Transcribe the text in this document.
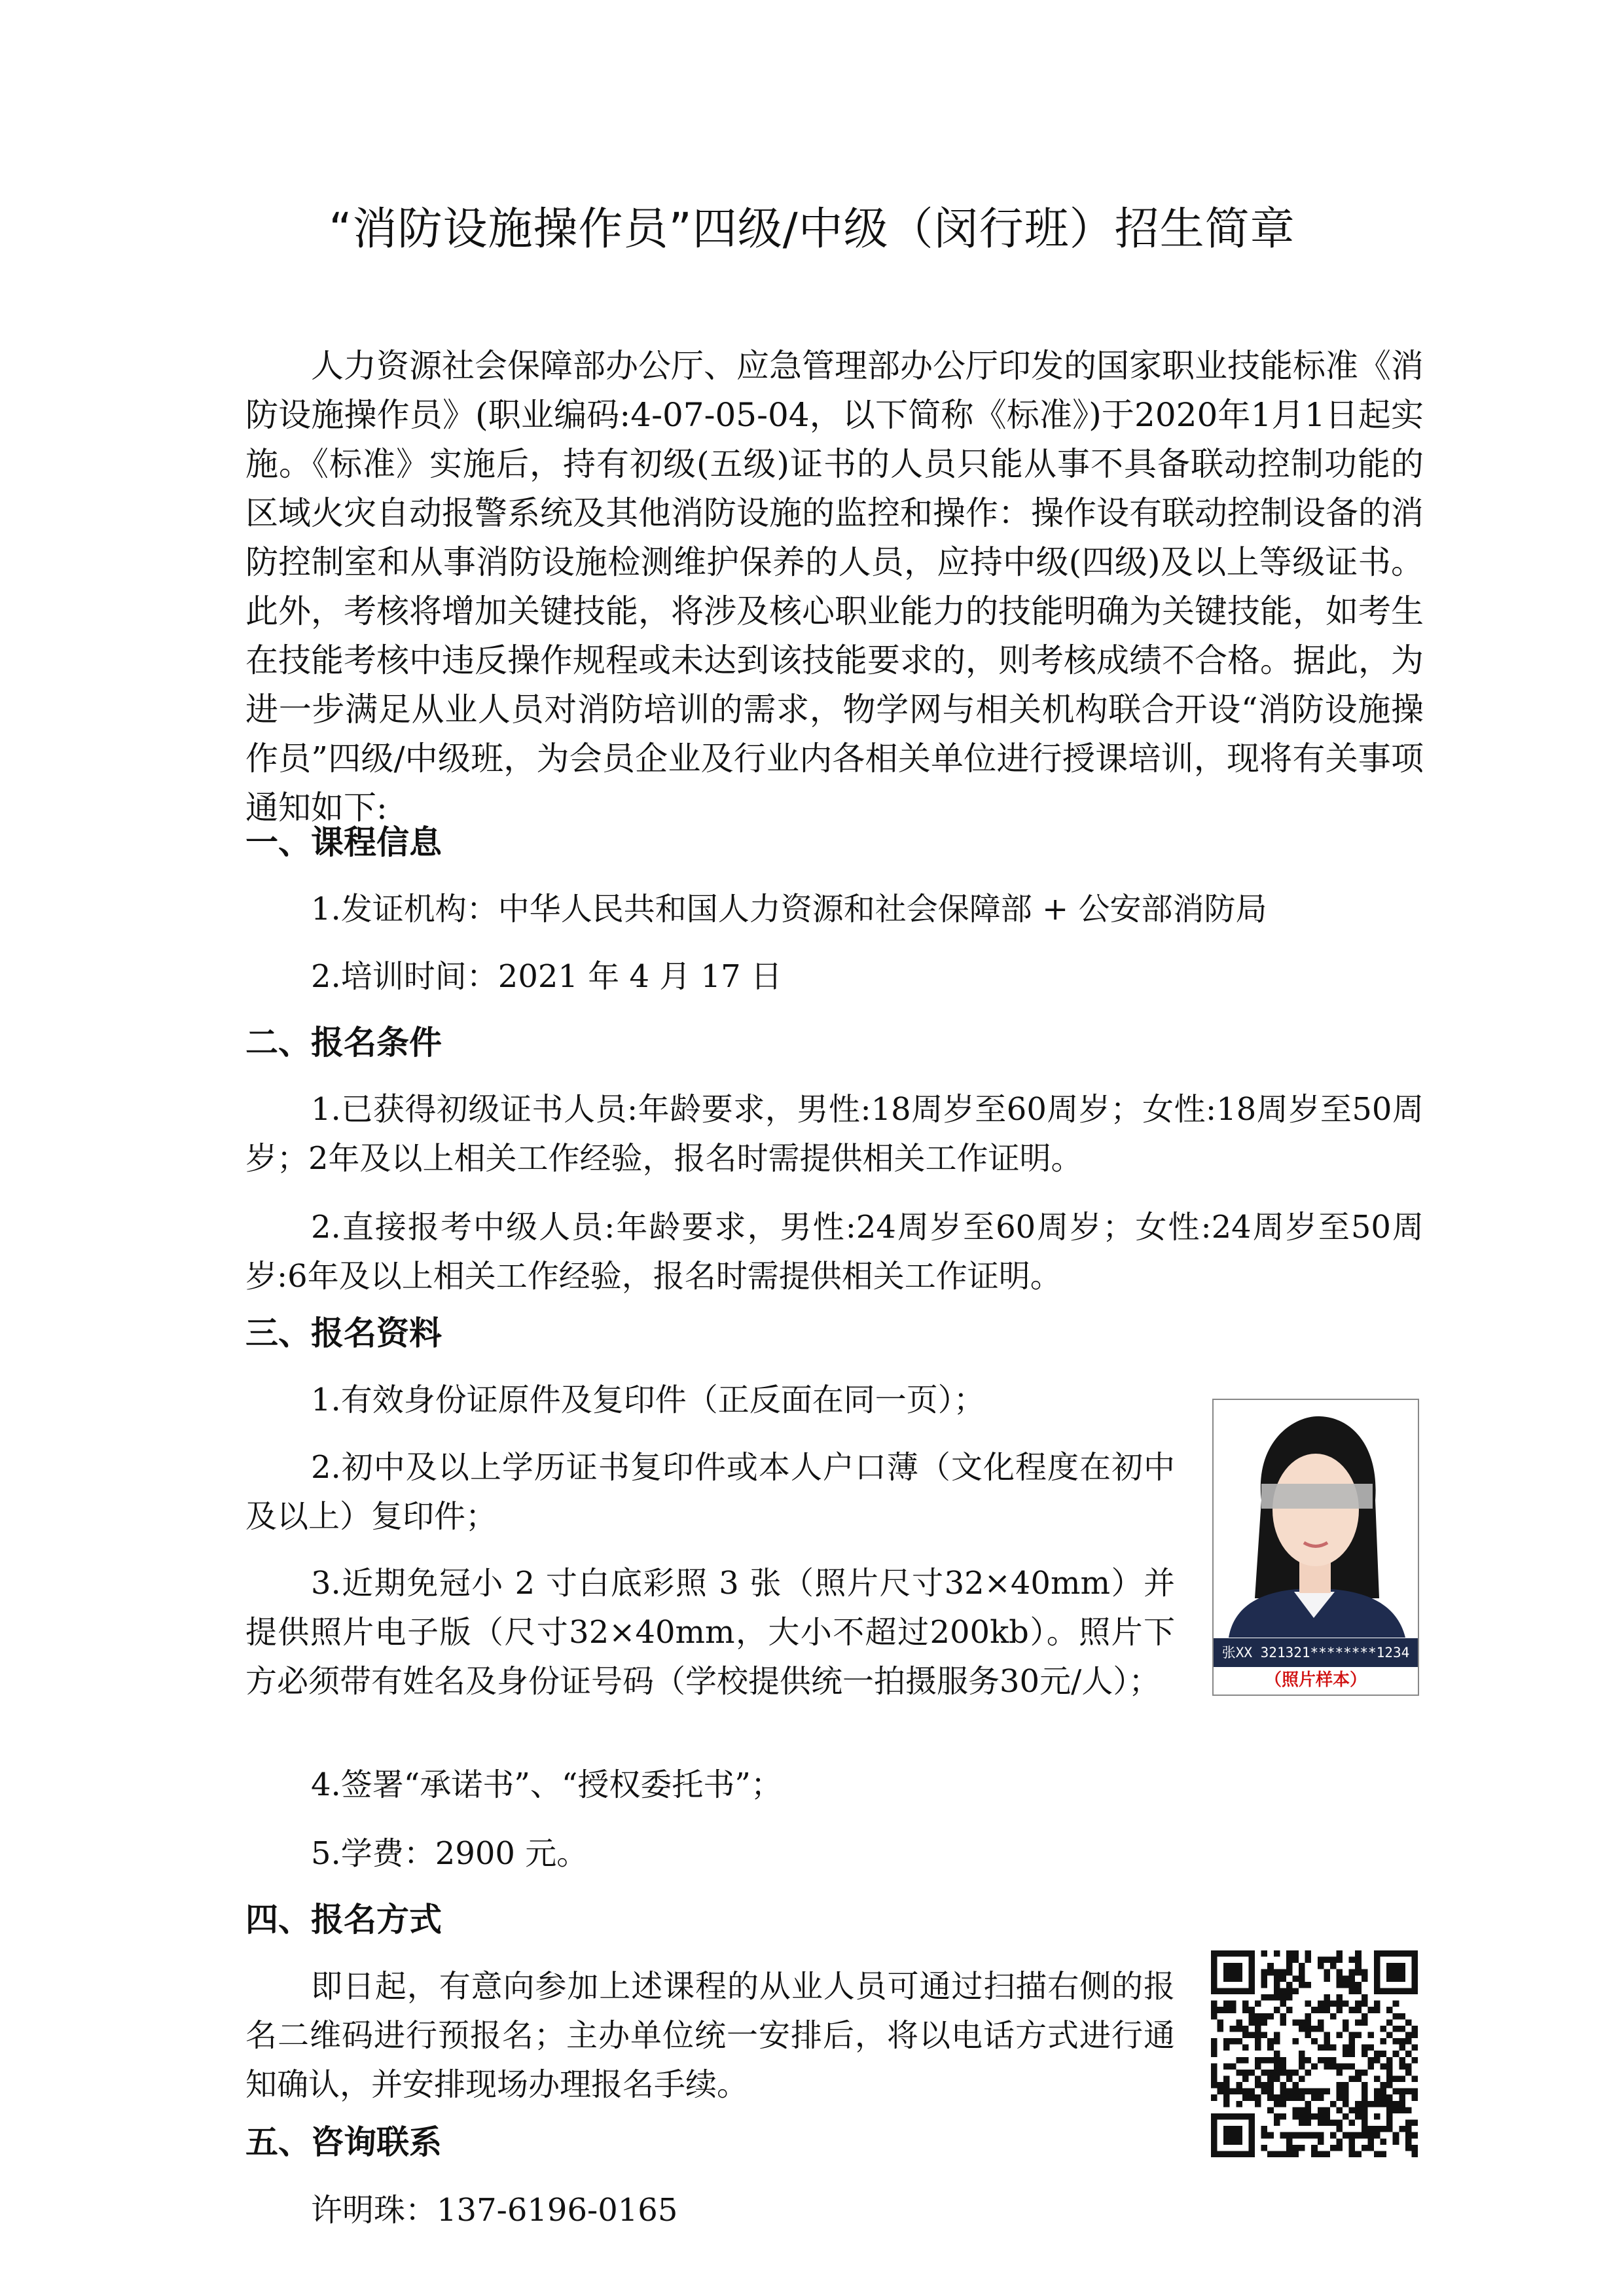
“消防设施操作员”四级/中级（闵行班）招生简章
人力资源社会保障部办公厅、应急管理部办公厅印发的国家职业技能标准《消防设施操作员》(职业编码:4-07-05-04，以下简称《标准》)于2020年1月1日起实施。《标准》实施后，持有初级(五级)证书的人员只能从事不具备联动控制功能的区域火灾自动报警系统及其他消防设施的监控和操作：操作设有联动控制设备的消防控制室和从事消防设施检测维护保养的人员，应持中级(四级)及以上等级证书。此外，考核将增加关键技能，将涉及核心职业能力的技能明确为关键技能，如考生在技能考核中违反操作规程或未达到该技能要求的，则考核成绩不合格。据此，为进一步满足从业人员对消防培训的需求，物学网与相关机构联合开设“消防设施操作员”四级/中级班，为会员企业及行业内各相关单位进行授课培训，现将有关事项通知如下:
一、课程信息
1.发证机构：中华人民共和国人力资源和社会保障部 + 公安部消防局
2.培训时间：2021 年 4 月 17 日
二、报名条件
1.已获得初级证书人员:年龄要求，男性:18周岁至60周岁；女性:18周岁至50周岁；2年及以上相关工作经验，报名时需提供相关工作证明。
2.直接报考中级人员:年龄要求，男性:24周岁至60周岁；女性:24周岁至50周岁:6年及以上相关工作经验，报名时需提供相关工作证明。
三、报名资料
1.有效身份证原件及复印件（正反面在同一页）；
2.初中及以上学历证书复印件或本人户口薄（文化程度在初中及以上）复印件；
3.近期免冠小 2 寸白底彩照 3 张（照片尺寸32×40mm）并提供照片电子版（尺寸32×40mm，大小不超过200kb）。照片下方必须带有姓名及身份证号码（学校提供统一拍摄服务30元/人）；
4.签署“承诺书”、“授权委托书”；
5.学费：2900 元。
四、报名方式
即日起，有意向参加上述课程的从业人员可通过扫描右侧的报名二维码进行预报名；主办单位统一安排后，将以电话方式进行通知确认，并安排现场办理报名手续。
五、咨询联系
许明珠：137-6196-0165
张XX 321321********1234
（照片样本）
